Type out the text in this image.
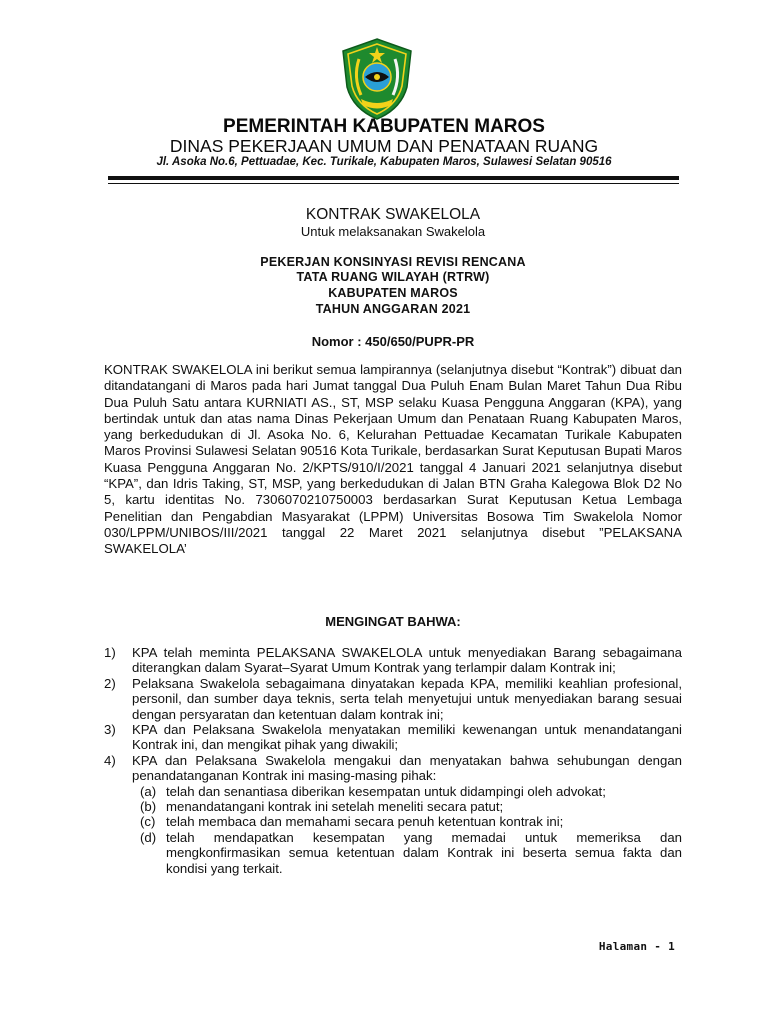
PEMERINTAH KABUPATEN MAROS
DINAS PEKERJAAN UMUM DAN PENATAAN RUANG
Jl. Asoka No.6, Pettuadae, Kec. Turikale, Kabupaten Maros, Sulawesi Selatan 90516
KONTRAK SWAKELOLA
Untuk melaksanakan Swakelola
PEKERJAN KONSINYASI REVISI RENCANA
TATA RUANG WILAYAH (RTRW)
KABUPATEN MAROS
TAHUN ANGGARAN 2021
Nomor : 450/650/PUPR-PR
KONTRAK SWAKELOLA ini berikut semua lampirannya (selanjutnya disebut “Kontrak”) dibuat dan ditandatangani di Maros pada hari Jumat tanggal Dua Puluh Enam Bulan Maret Tahun Dua Ribu Dua Puluh Satu antara KURNIATI AS., ST, MSP selaku Kuasa Pengguna Anggaran (KPA), yang bertindak untuk dan atas nama Dinas Pekerjaan Umum dan Penataan Ruang Kabupaten Maros, yang berkedudukan di Jl. Asoka No. 6, Kelurahan Pettuadae Kecamatan Turikale Kabupaten Maros Provinsi Sulawesi Selatan 90516 Kota Turikale, berdasarkan Surat Keputusan Bupati Maros Kuasa Pengguna Anggaran No. 2/KPTS/910/I/2021 tanggal 4 Januari 2021 selanjutnya disebut “KPA”, dan Idris Taking, ST, MSP, yang berkedudukan di Jalan BTN Graha Kalegowa Blok D2 No 5, kartu identitas No. 7306070210750003 berdasarkan Surat Keputusan Ketua Lembaga Penelitian dan Pengabdian Masyarakat (LPPM) Universitas Bosowa Tim Swakelola Nomor 030/LPPM/UNIBOS/III/2021 tanggal 22 Maret 2021 selanjutnya disebut ”PELAKSANA SWAKELOLA’
MENGINGAT BAHWA:
1)	KPA telah meminta PELAKSANA SWAKELOLA untuk menyediakan Barang sebagaimana diterangkan dalam Syarat–Syarat Umum Kontrak yang terlampir dalam Kontrak ini;
2)	Pelaksana Swakelola sebagaimana dinyatakan kepada KPA, memiliki keahlian profesional, personil, dan sumber daya teknis, serta telah menyetujui untuk menyediakan barang sesuai dengan persyaratan dan ketentuan dalam kontrak ini;
3)	KPA dan Pelaksana Swakelola menyatakan memiliki kewenangan untuk menandatangani Kontrak ini, dan mengikat pihak yang diwakili;
4)	KPA dan Pelaksana Swakelola mengakui dan menyatakan bahwa sehubungan dengan penandatanganan Kontrak ini masing-masing pihak:
(a) telah dan senantiasa diberikan kesempatan untuk didampingi oleh advokat;
(b) menandatangani kontrak ini setelah meneliti secara patut;
(c) telah membaca dan memahami secara penuh ketentuan kontrak ini;
(d) telah mendapatkan kesempatan yang memadai untuk memeriksa dan mengkonfirmasikan semua ketentuan dalam Kontrak ini beserta semua fakta dan kondisi yang terkait.
Halaman - 1
